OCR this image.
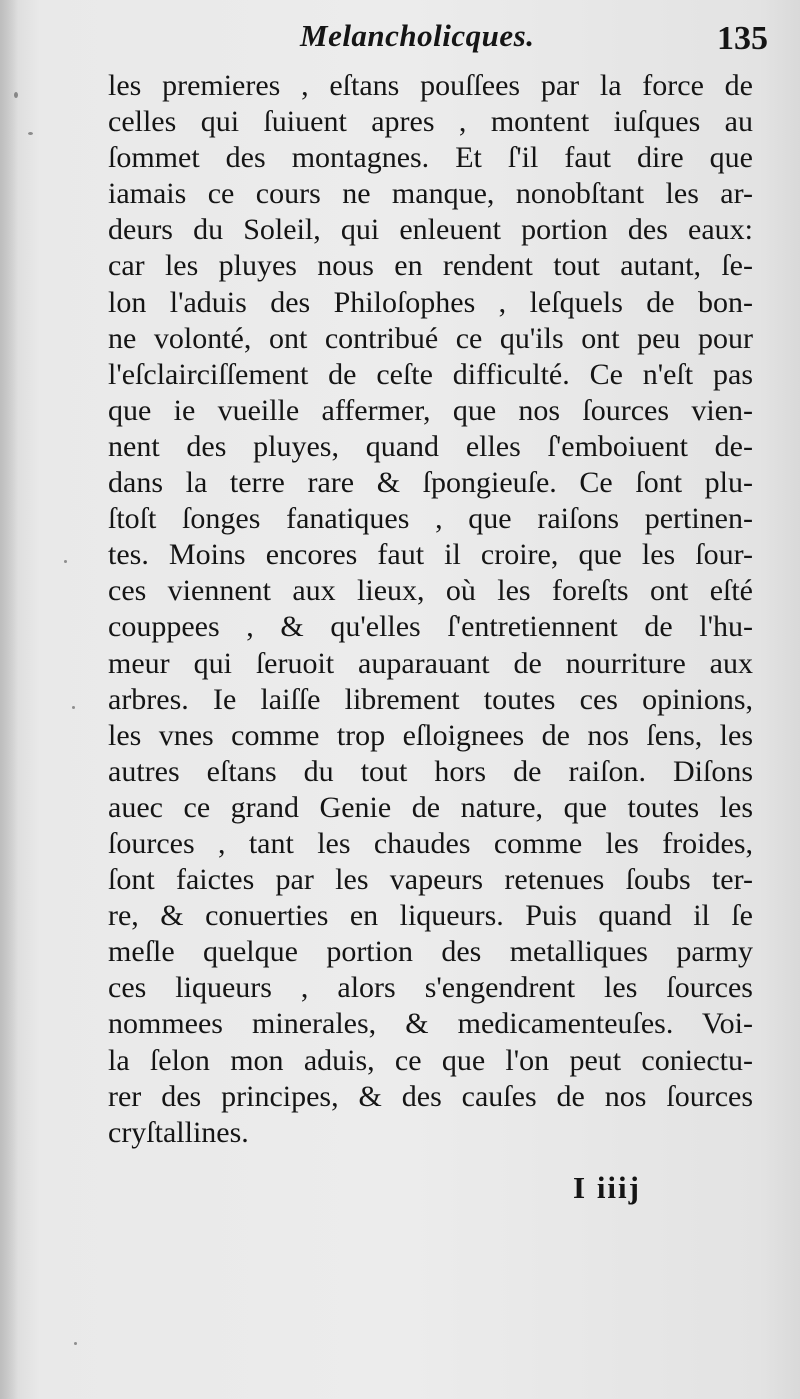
Melancholicques.	135
les premieres , eſtans pouſſees par la force de
celles qui ſuiuent apres , montent iuſques au
ſommet des montagnes. Et ſ'il faut dire que
iamais ce cours ne manque, nonobſtant les ar-
deurs du Soleil, qui enleuent portion des eaux:
car les pluyes nous en rendent tout autant, ſe-
lon l'aduis des Philoſophes , leſquels de bon-
ne volonté, ont contribué ce qu'ils ont peu pour
l'eſclairciſſement de ceſte difficulté. Ce n'eſt pas
que ie vueille affermer, que nos ſources vien-
nent des pluyes, quand elles ſ'emboiuent de-
dans la terre rare & ſpongieuſe. Ce ſont plu-
ſtoſt ſonges fanatiques , que raiſons pertinen-
tes. Moins encores faut il croire, que les ſour-
ces viennent aux lieux, où les foreſts ont eſté
couppees , & qu'elles ſ'entretiennent de l'hu-
meur qui ſeruoit auparauant de nourriture aux
arbres. Ie laiſſe librement toutes ces opinions,
les vnes comme trop eſloignees de nos ſens, les
autres eſtans du tout hors de raiſon. Diſons
auec ce grand Genie de nature, que toutes les
ſources , tant les chaudes comme les froides,
ſont faictes par les vapeurs retenues ſoubs ter-
re, & conuerties en liqueurs. Puis quand il ſe
meſle quelque portion des metalliques parmy
ces liqueurs , alors s'engendrent les ſources
nommees minerales, & medicamenteuſes. Voi-
la ſelon mon aduis, ce que l'on peut coniectu-
rer des principes, & des cauſes de nos ſources
cryſtallines.
I iiij
